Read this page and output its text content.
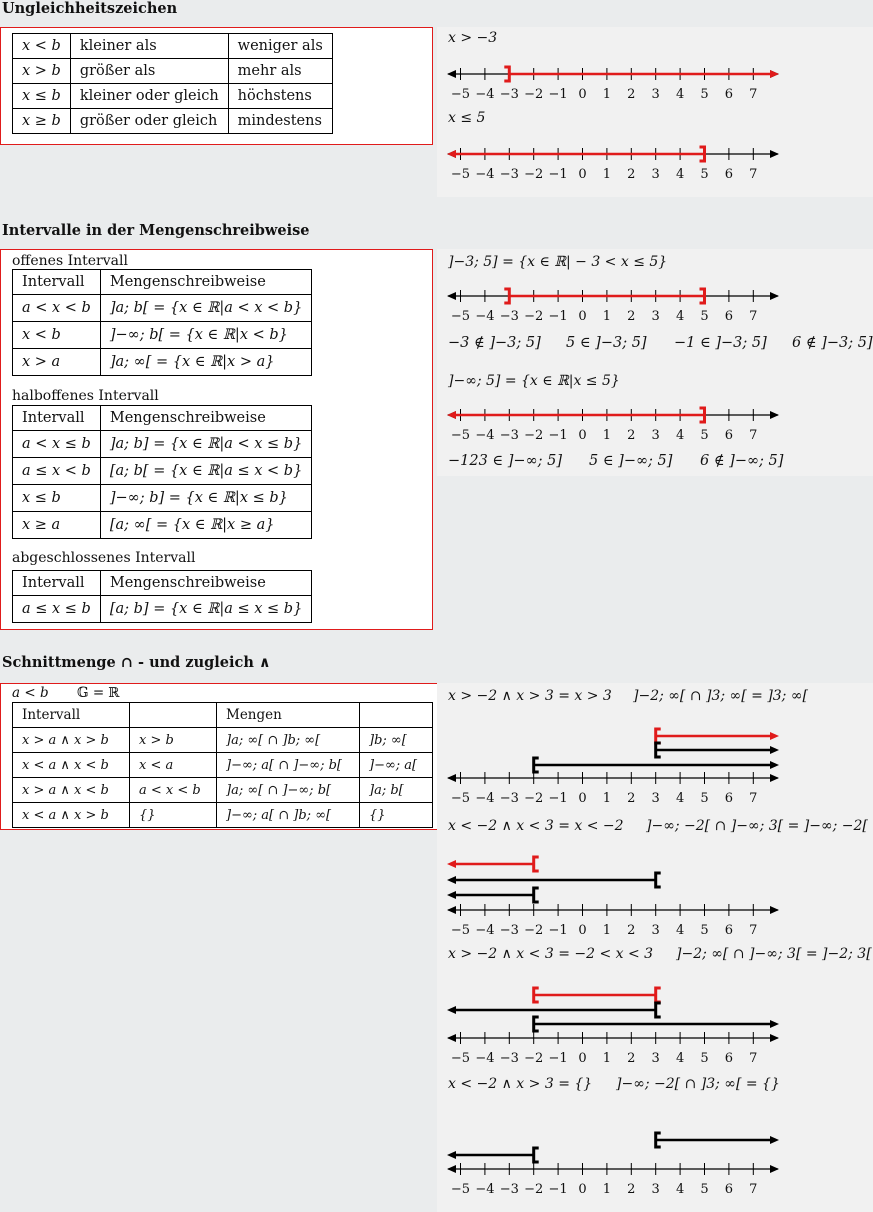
Ungleichheitszeichen
x < b	kleiner als	weniger als
x > b	größer als	mehr als
x ≤ b	kleiner oder gleich	höchstens
x ≥ b	größer oder gleich	mindestens
x > −3
−5 −4 −3 −2 −1 0 1 2 3 4 5 6 7
x ≤ 5
−5 −4 −3 −2 −1 0 1 2 3 4 5 6 7
Intervalle in der Mengenschreibweise
offenes Intervall
Intervall	Mengenschreibweise
a < x < b	]a; b[ = {x ∈ ℝ|a < x < b}
x < b	]−∞; b[ = {x ∈ ℝ|x < b}
x > a	]a; ∞[ = {x ∈ ℝ|x > a}
halboffenes Intervall
Intervall	Mengenschreibweise
a < x ≤ b	]a; b] = {x ∈ ℝ|a < x ≤ b}
a ≤ x < b	[a; b[ = {x ∈ ℝ|a ≤ x < b}
x ≤ b	]−∞; b] = {x ∈ ℝ|x ≤ b}
x ≥ a	[a; ∞[ = {x ∈ ℝ|x ≥ a}
abgeschlossenes Intervall
Intervall	Mengenschreibweise
a ≤ x ≤ b	[a; b] = {x ∈ ℝ|a ≤ x ≤ b}
]−3; 5] = {x ∈ ℝ| − 3 < x ≤ 5}
−5 −4 −3 −2 −1 0 1 2 3 4 5 6 7
−3 ∉ ]−3; 5] 5 ∈ ]−3; 5] −1 ∈ ]−3; 5] 6 ∉ ]−3; 5]
]−∞; 5] = {x ∈ ℝ|x ≤ 5}
−5 −4 −3 −2 −1 0 1 2 3 4 5 6 7
−123 ∈ ]−∞; 5] 5 ∈ ]−∞; 5] 6 ∉ ]−∞; 5]
Schnittmenge ∩ - und zugleich ∧
a < b 𝔾 = ℝ
Intervall		Mengen	
x > a ∧ x > b	x > b	]a; ∞[ ∩ ]b; ∞[	]b; ∞[
x < a ∧ x < b	x < a	]−∞; a[ ∩ ]−∞; b[	]−∞; a[
x > a ∧ x < b	a < x < b	]a; ∞[ ∩ ]−∞; b[	]a; b[
x < a ∧ x > b	{}	]−∞; a[ ∩ ]b; ∞[	{}
x > −2 ∧ x > 3 = x > 3 ]−2; ∞[ ∩ ]3; ∞[ = ]3; ∞[
−5 −4 −3 −2 −1 0 1 2 3 4 5 6 7
x < −2 ∧ x < 3 = x < −2 ]−∞; −2[ ∩ ]−∞; 3[ = ]−∞; −2[
−5 −4 −3 −2 −1 0 1 2 3 4 5 6 7
x > −2 ∧ x < 3 = −2 < x < 3 ]−2; ∞[ ∩ ]−∞; 3[ = ]−2; 3[
−5 −4 −3 −2 −1 0 1 2 3 4 5 6 7
x < −2 ∧ x > 3 = {} ]−∞; −2[ ∩ ]3; ∞[ = {}
−5 −4 −3 −2 −1 0 1 2 3 4 5 6 7
